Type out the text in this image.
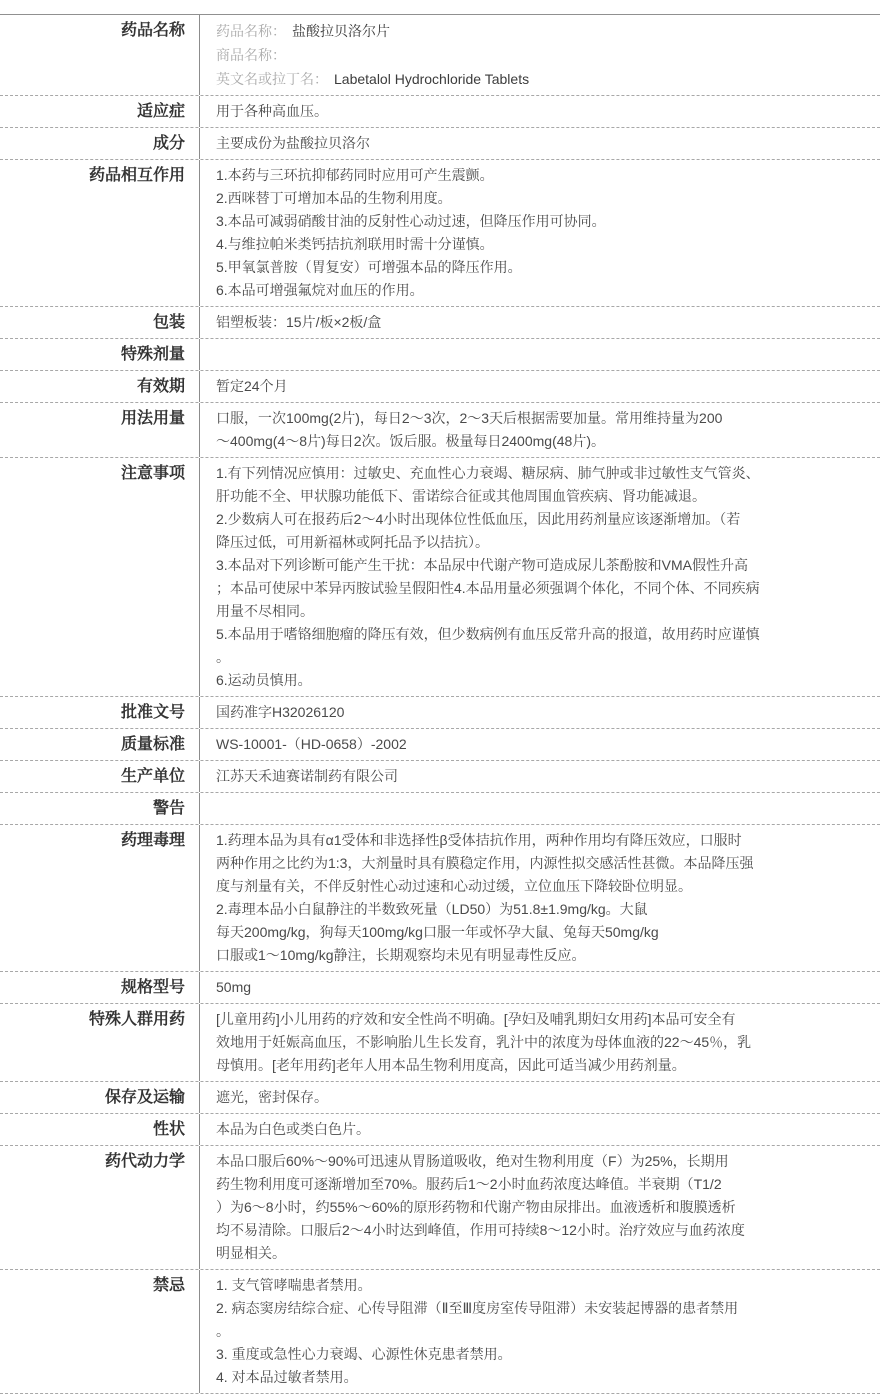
药品名称	药品名称： 盐酸拉贝洛尔片
商品名称：
英文名或拉丁名： Labetalol Hydrochloride Tablets
适应症	用于各种高血压。
成分	主要成份为盐酸拉贝洛尔
药品相互作用	1.本药与三环抗抑郁药同时应用可产生震颤。
2.西咪替丁可增加本品的生物利用度。
3.本品可减弱硝酸甘油的反射性心动过速，但降压作用可协同。
4.与维拉帕米类钙拮抗剂联用时需十分谨慎。
5.甲氧氯普胺（胃复安）可增强本品的降压作用。
6.本品可增强氟烷对血压的作用。
包装	铝塑板装：15片/板×2板/盒
特殊剂量
有效期	暂定24个月
用法用量	口服，一次100mg(2片)，每日2～3次，2～3天后根据需要加量。常用维持量为200
～400mg(4～8片)每日2次。饭后服。极量每日2400mg(48片)。
注意事项	1.有下列情况应慎用：过敏史、充血性心力衰竭、糖尿病、肺气肿或非过敏性支气管炎、
肝功能不全、甲状腺功能低下、雷诺综合征或其他周围血管疾病、肾功能减退。
2.少数病人可在报药后2～4小时出现体位性低血压，因此用药剂量应该逐渐增加。（若
降压过低，可用新福林或阿托品予以拮抗）。
3.本品对下列诊断可能产生干扰：本品尿中代谢产物可造成尿儿茶酚胺和VMA假性升高
；本品可使尿中苯异丙胺试验呈假阳性4.本品用量必须强调个体化，不同个体、不同疾病
用量不尽相同。
5.本品用于嗜铬细胞瘤的降压有效，但少数病例有血压反常升高的报道，故用药时应谨慎
。
6.运动员慎用。
批准文号	国药准字H32026120
质量标准	WS-10001-（HD-0658）-2002
生产单位	江苏天禾迪赛诺制药有限公司
警告
药理毒理	1.药理本品为具有α1受体和非选择性β受体拮抗作用，两种作用均有降压效应，口服时
两种作用之比约为1:3，大剂量时具有膜稳定作用，内源性拟交感活性甚微。本品降压强
度与剂量有关，不伴反射性心动过速和心动过缓，立位血压下降较卧位明显。
2.毒理本品小白鼠静注的半数致死量（LD50）为51.8±1.9mg/kg。大鼠
每天200mg/kg，狗每天100mg/kg口服一年或怀孕大鼠、兔每天50mg/kg
口服或1～10mg/kg静注，长期观察均未见有明显毒性反应。
规格型号	50mg
特殊人群用药	[儿童用药]小儿用药的疗效和安全性尚不明确。[孕妇及哺乳期妇女用药]本品可安全有
效地用于妊娠高血压，不影响胎儿生长发育，乳汁中的浓度为母体血液的22～45％，乳
母慎用。[老年用药]老年人用本品生物利用度高，因此可适当减少用药剂量。
保存及运输	遮光，密封保存。
性状	本品为白色或类白色片。
药代动力学	本品口服后60%～90%可迅速从胃肠道吸收，绝对生物利用度（F）为25%，长期用
药生物利用度可逐渐增加至70%。服药后1～2小时血药浓度达峰值。半衰期（T1/2
）为6～8小时，约55%～60%的原形药物和代谢产物由尿排出。血液透析和腹膜透析
均不易清除。口服后2～4小时达到峰值，作用可持续8～12小时。治疗效应与血药浓度
明显相关。
禁忌	1. 支气管哮喘患者禁用。
2. 病态窦房结综合症、心传导阻滞（Ⅱ至Ⅲ度房室传导阻滞）未安装起博器的患者禁用
。
3. 重度或急性心力衰竭、心源性休克患者禁用。
4. 对本品过敏者禁用。
